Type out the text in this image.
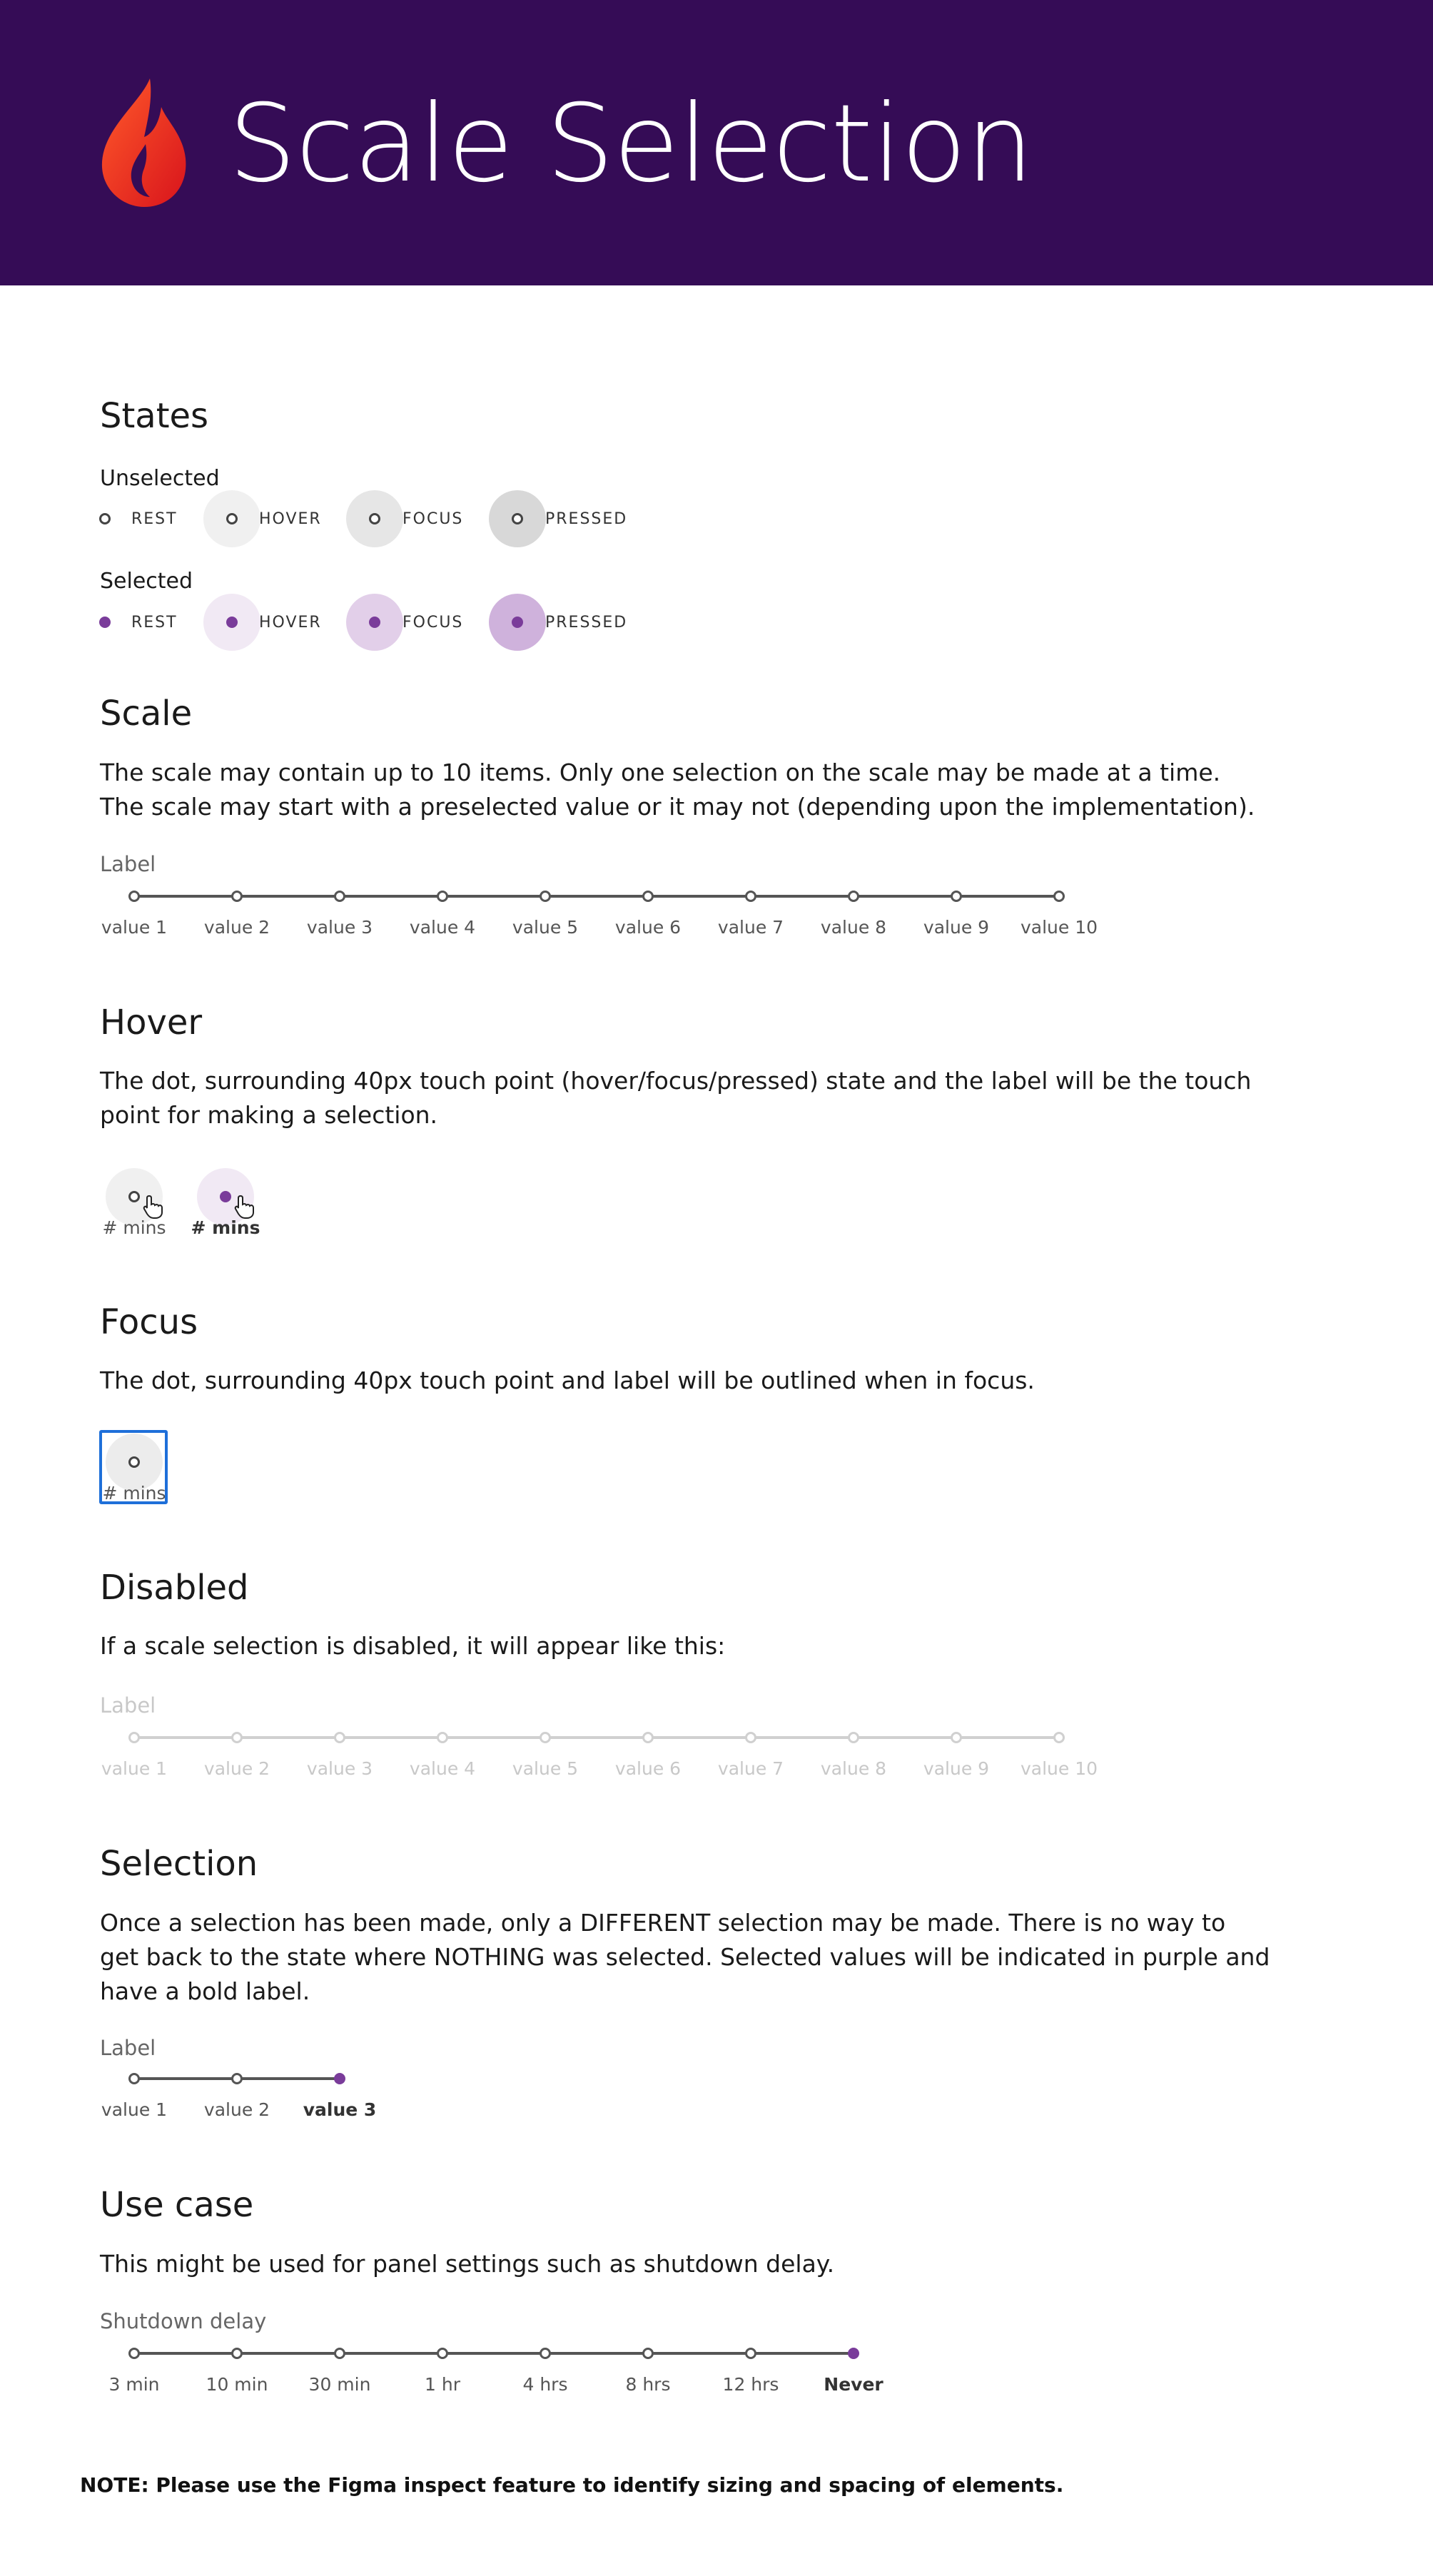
Scale Selection
States
Unselected
Selected
REST	HOVER	FOCUS	PRESSED
REST	HOVER	FOCUS	PRESSED
Scale
The scale may contain up to 10 items. Only one selection on the scale may be made at a time. The scale may start with a preselected value or it may not (depending upon the implementation).
Label
value 1	value 2	value 3	value 4	value 5	value 6	value 7	value 8	value 9	value 10
Hover
The dot, surrounding 40px touch point (hover/focus/pressed) state and the label will be the touch point for making a selection.
# mins	# mins
Focus
The dot, surrounding 40px touch point and label will be outlined when in focus.
# mins
Disabled
If a scale selection is disabled, it will appear like this:
Label
value 1	value 2	value 3	value 4	value 5	value 6	value 7	value 8	value 9	value 10
Selection
Once a selection has been made, only a DIFFERENT selection may be made. There is no way to get back to the state where NOTHING was selected. Selected values will be indicated in purple and have a bold label.
Label
value 1	value 2	value 3
Use case
This might be used for panel settings such as shutdown delay.
Shutdown delay
3 min	10 min	30 min	1 hr	4 hrs	8 hrs	12 hrs	Never
NOTE: Please use the Figma inspect feature to identify sizing and spacing of elements.
